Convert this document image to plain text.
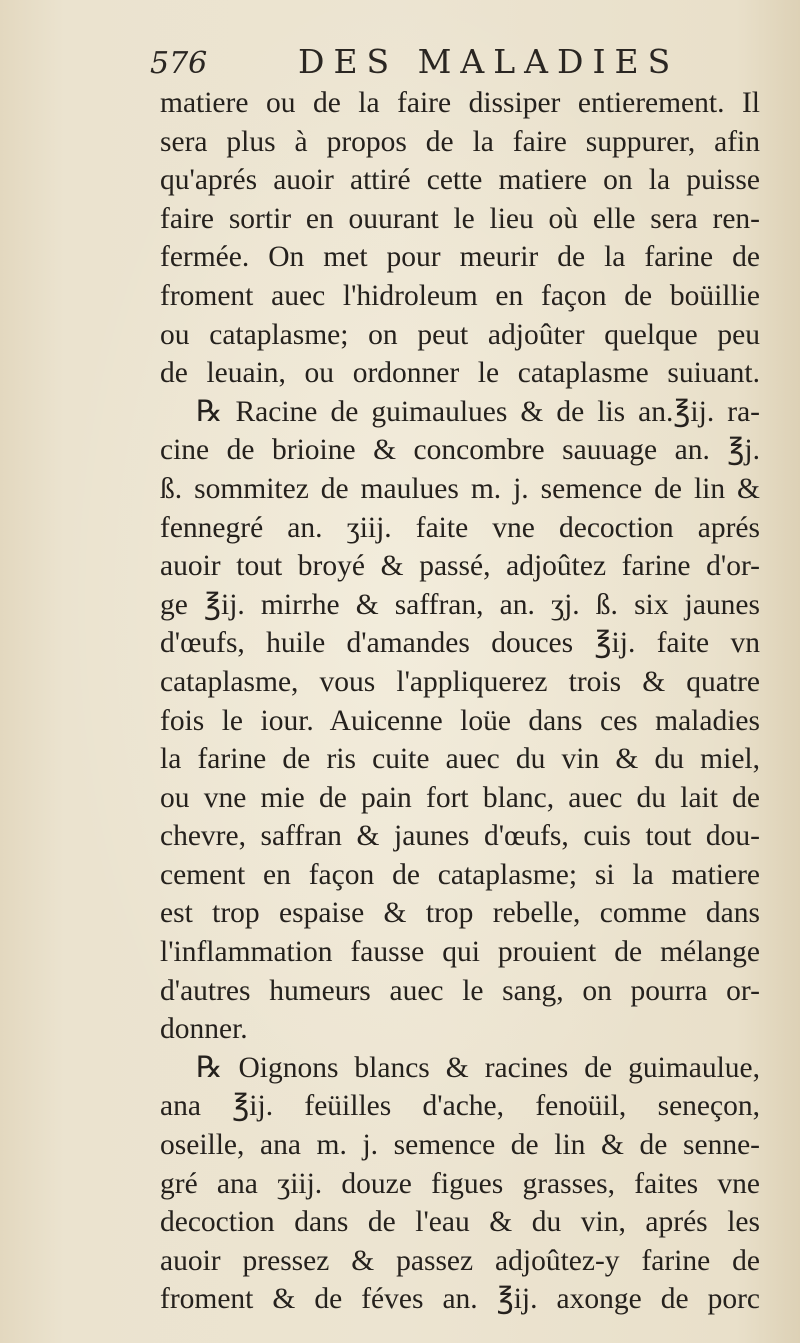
576	DES MALADIES
matiere ou de la faire dissiper entierement. Il
sera plus à propos de la faire suppurer, afin
qu'aprés auoir attiré cette matiere on la puisse
faire sortir en ouurant le lieu où elle sera ren-
fermée. On met pour meurir de la farine de
froment auec l'hidroleum en façon de boüillie
ou cataplasme; on peut adjoûter quelque peu
de leuain, ou ordonner le cataplasme suiuant.
℞ Racine de guimaulues & de lis an.℥ij. ra-
cine de brioine & concombre sauuage an. ℥j.
ß. sommitez de maulues m. j. semence de lin &
fennegré an. ʒiij. faite vne decoction aprés
auoir tout broyé & passé, adjoûtez farine d'or-
ge ℥ij. mirrhe & saffran, an. ʒj. ß. six jaunes
d'œufs, huile d'amandes douces ℥ij. faite vn
cataplasme, vous l'appliquerez trois & quatre
fois le iour. Auicenne loüe dans ces maladies
la farine de ris cuite auec du vin & du miel,
ou vne mie de pain fort blanc, auec du lait de
chevre, saffran & jaunes d'œufs, cuis tout dou-
cement en façon de cataplasme; si la matiere
est trop espaise & trop rebelle, comme dans
l'inflammation fausse qui prouient de mélange
d'autres humeurs auec le sang, on pourra or-
donner.
℞ Oignons blancs & racines de guimaulue,
ana ℥ij. feüilles d'ache, fenoüil, seneçon,
oseille, ana m. j. semence de lin & de senne-
gré ana ʒiij. douze figues grasses, faites vne
decoction dans de l'eau & du vin, aprés les
auoir pressez & passez adjoûtez-y farine de
froment & de féves an. ℥ij. axonge de porc
